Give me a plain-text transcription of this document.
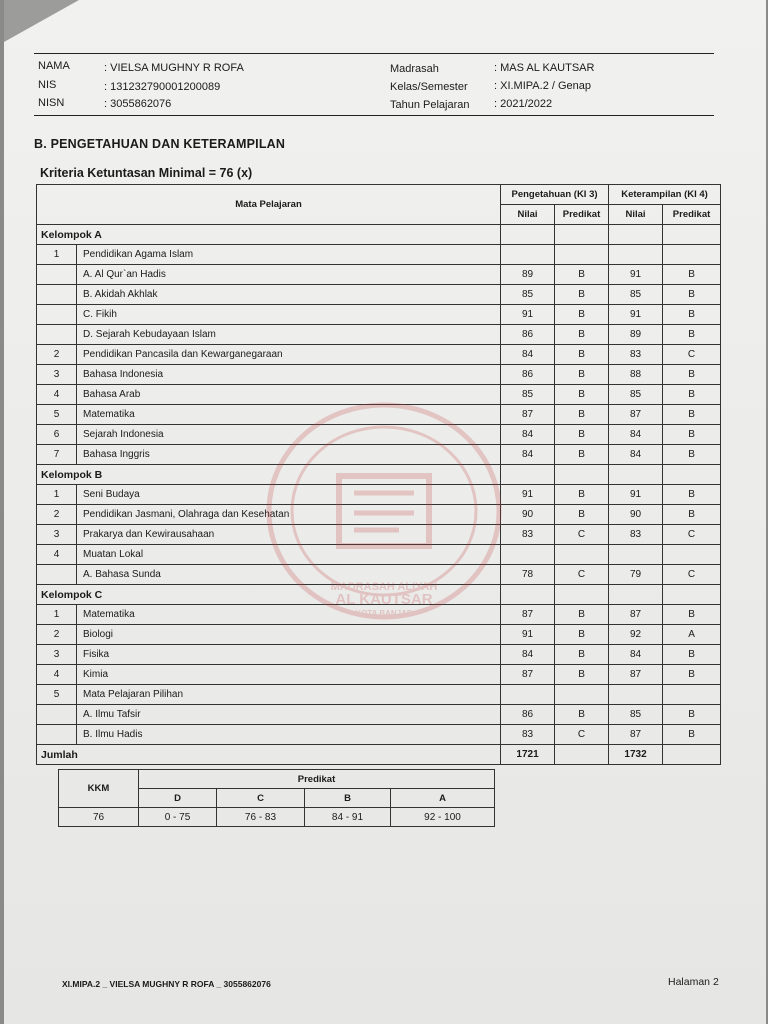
NAMA	: VIELSA MUGHNY R ROFA
NIS	: 131232790001200089
NISN	: 3055862076
Madrasah	: MAS AL KAUTSAR
Kelas/Semester : XI.MIPA.2 / Genap
Tahun Pelajaran : 2021/2022
B. PENGETAHUAN DAN KETERAMPILAN
Kriteria Ketuntasan Minimal = 76 (x)
Mata Pelajaran		Pengetahuan (KI 3)		Keterampilan (KI 4)	
		Nilai	Predikat	Nilai	Predikat
Kelompok A					
1	Pendidikan Agama Islam				
	A. Al Qur`an Hadis	89	B	91	B
	B. Akidah Akhlak	85	B	85	B
	C. Fikih	91	B	91	B
	D. Sejarah Kebudayaan Islam	86	B	89	B
2	Pendidikan Pancasila dan Kewarganegaraan	84	B	83	C
3	Bahasa Indonesia	86	B	88	B
4	Bahasa Arab	85	B	85	B
5	Matematika	87	B	87	B
6	Sejarah Indonesia	84	B	84	B
7	Bahasa Inggris	84	B	84	B
Kelompok B					
1	Seni Budaya	91	B	91	B
2	Pendidikan Jasmani, Olahraga dan Kesehatan	90	B	90	B
3	Prakarya dan Kewirausahaan	83	C	83	C
4	Muatan Lokal				
	A. Bahasa Sunda	78	C	79	C
Kelompok C					
1	Matematika	87	B	87	B
2	Biologi	91	B	92	A
3	Fisika	84	B	84	B
4	Kimia	87	B	87	B
5	Mata Pelajaran Pilihan				
	A. Ilmu Tafsir	86	B	85	B
	B. Ilmu Hadis	83	C	87	B
Jumlah		1721		1732	
KKM	Predikat			
	D	C	B	A
76	0 - 75	76 - 83	84 - 91	92 - 100
MADRASAH ALIYAH
AL KAUTSAR
KOTA BANJAR
XI.MIPA.2 _ VIELSA MUGHNY R ROFA _ 3055862076	Halaman 2
